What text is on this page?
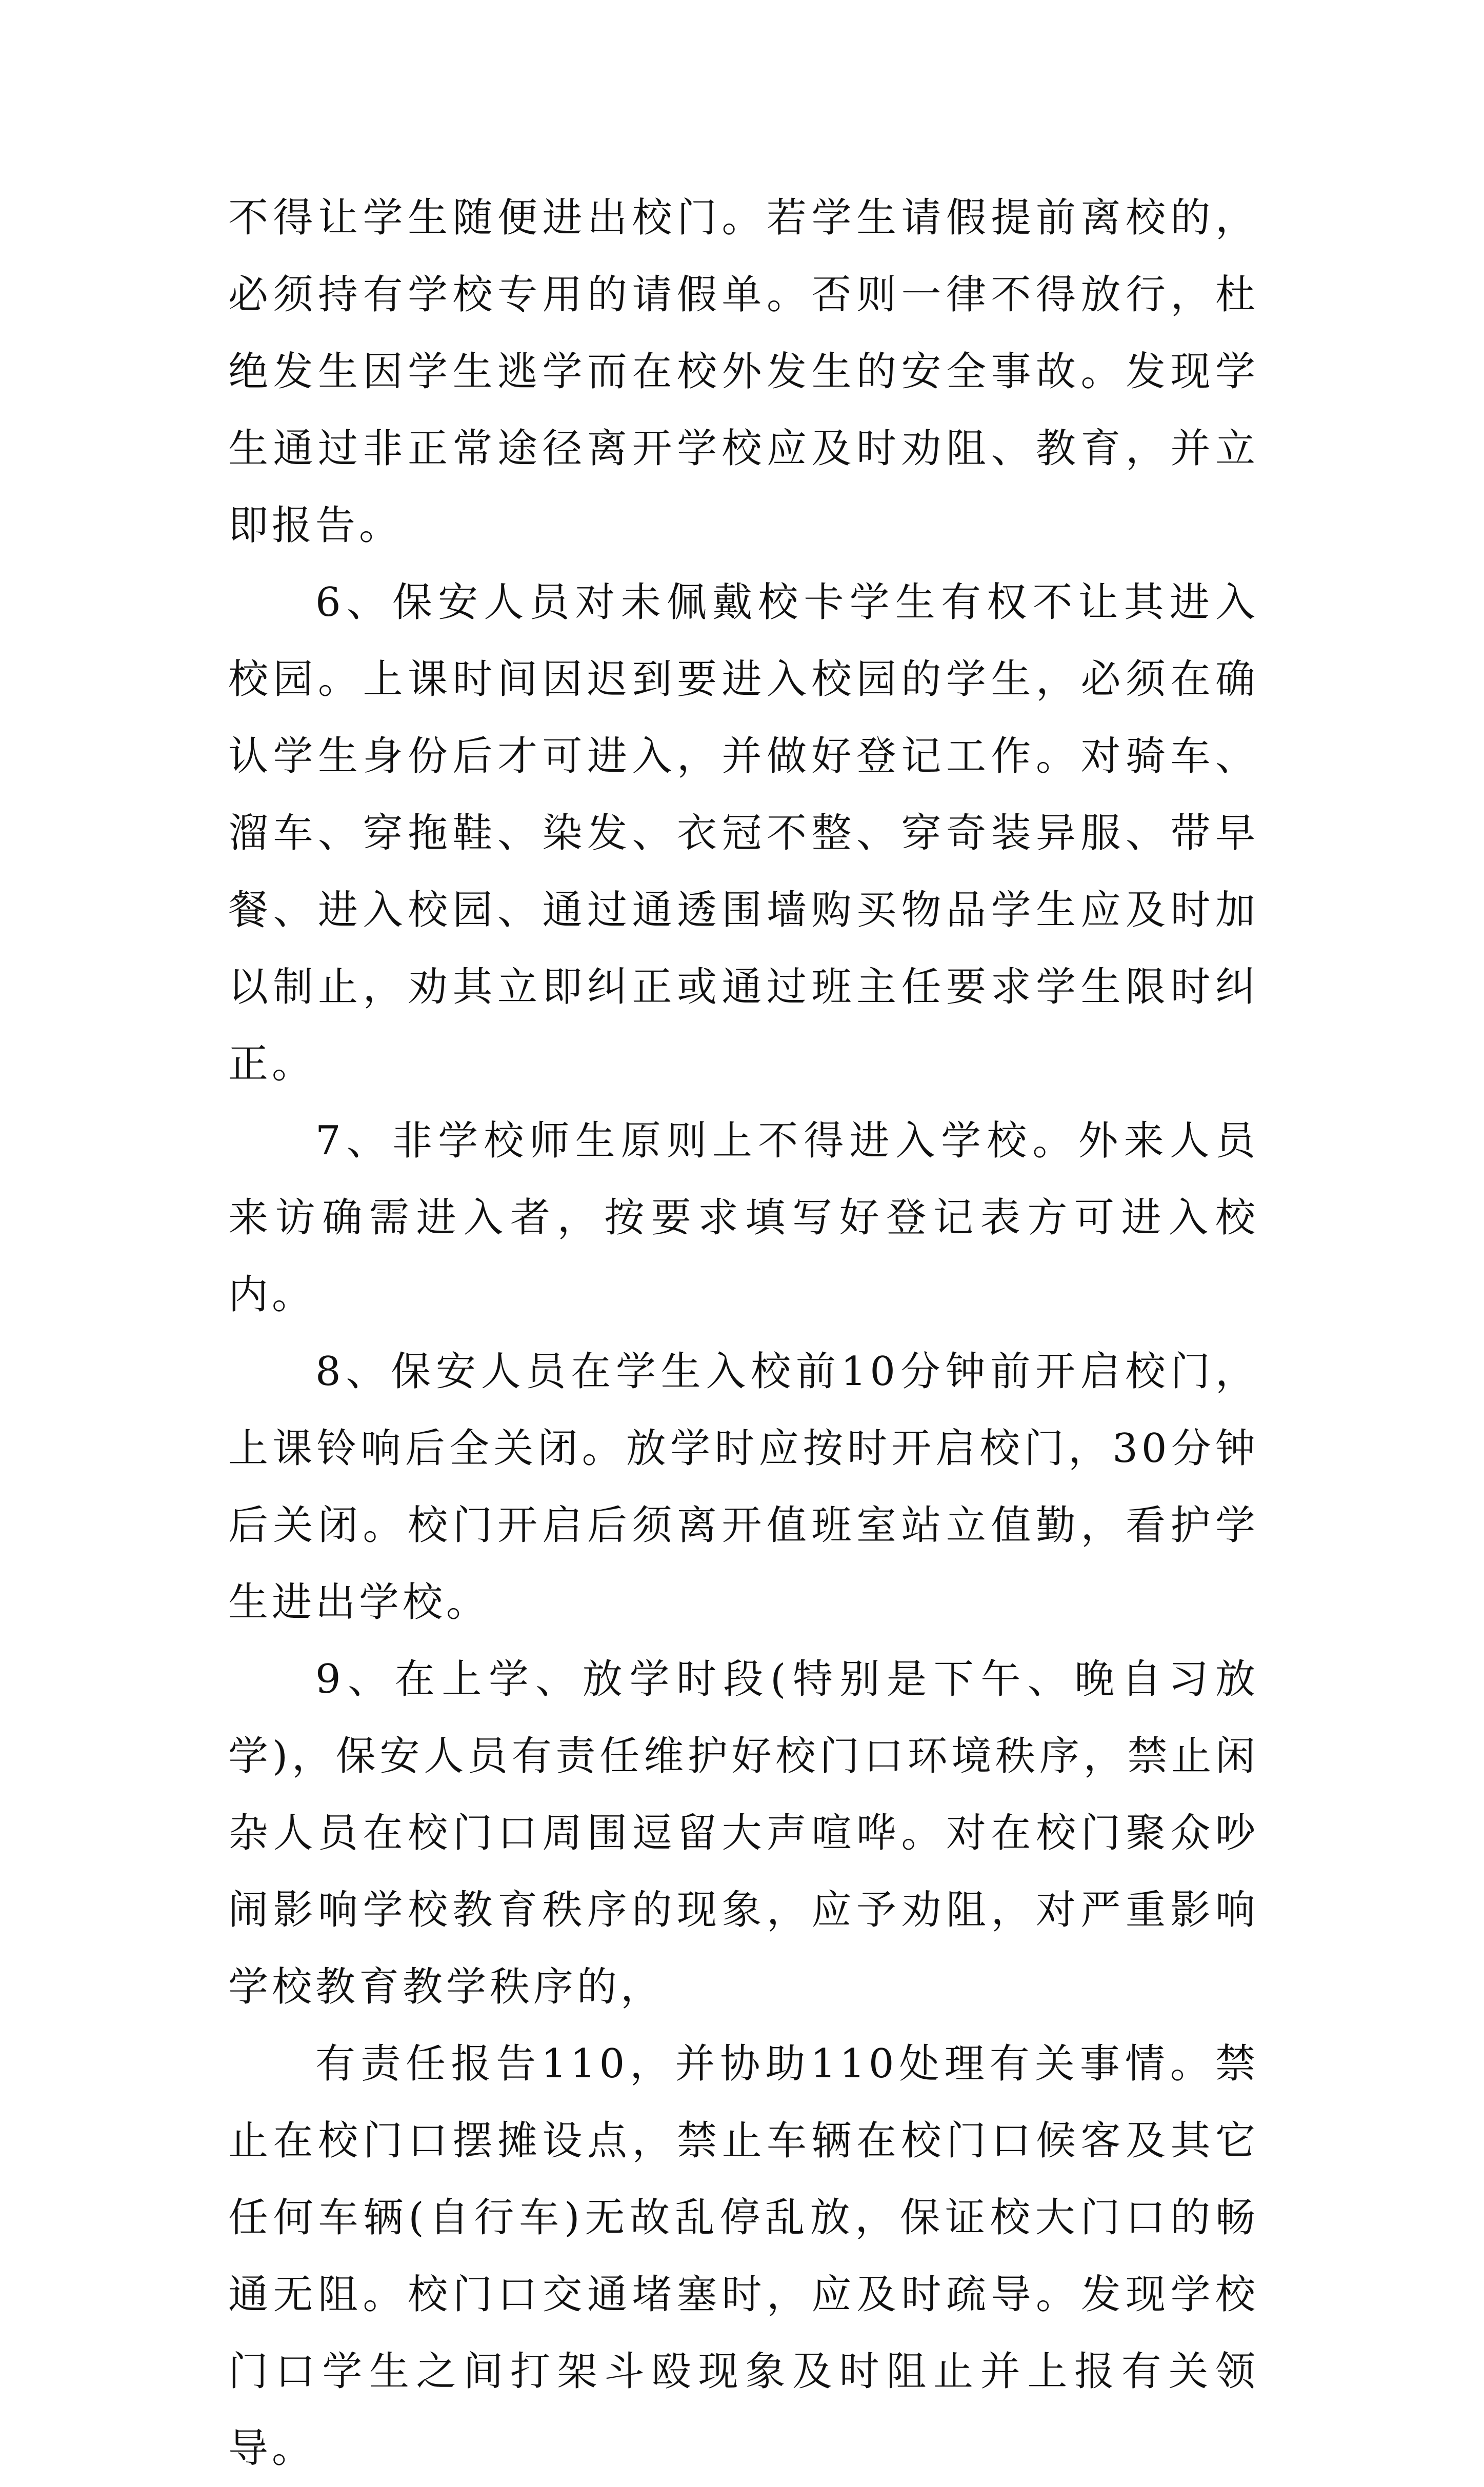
不得让学生随便进出校门。若学生请假提前离校的，必须持有学校专用的请假单。否则一律不得放行，杜绝发生因学生逃学而在校外发生的安全事故。发现学生通过非正常途径离开学校应及时劝阻、教育，并立即报告。

6、保安人员对未佩戴校卡学生有权不让其进入校园。上课时间因迟到要进入校园的学生，必须在确认学生身份后才可进入，并做好登记工作。对骑车、溜车、穿拖鞋、染发、衣冠不整、穿奇装异服、带早餐、进入校园、通过通透围墙购买物品学生应及时加以制止，劝其立即纠正或通过班主任要求学生限时纠正。

7、非学校师生原则上不得进入学校。外来人员来访确需进入者，按要求填写好登记表方可进入校内。

8、保安人员在学生入校前10分钟前开启校门，上课铃响后全关闭。放学时应按时开启校门，30分钟后关闭。校门开启后须离开值班室站立值勤，看护学生进出学校。

9、在上学、放学时段(特别是下午、晚自习放学)，保安人员有责任维护好校门口环境秩序，禁止闲杂人员在校门口周围逗留大声喧哗。对在校门聚众吵闹影响学校教育秩序的现象，应予劝阻，对严重影响学校教育教学秩序的，

有责任报告110，并协助110处理有关事情。禁止在校门口摆摊设点，禁止车辆在校门口候客及其它任何车辆(自行车)无故乱停乱放，保证校大门口的畅通无阻。校门口交通堵塞时，应及时疏导。发现学校门口学生之间打架斗殴现象及时阻止并上报有关领导。
